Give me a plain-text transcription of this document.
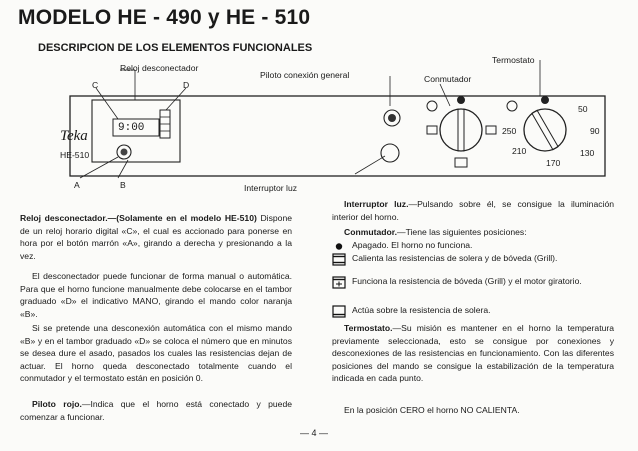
MODELO HE - 490 y HE - 510
DESCRIPCION DE LOS ELEMENTOS FUNCIONALES
Reloj desconectador
Piloto conexión general
Termostato
Conmutador
Interruptor luz
C	D
A	B
Teka
HE-510
9:00
50
90
130
170
210
250
Reloj desconectador.—(Solamente en el modelo HE-510) Dispone de un reloj horario digital «C», el cual es accionado para ponerse en hora por el botón marrón «A», girando a derecha y presionando a la vez.
El desconectador puede funcionar de forma manual o automática. Para que el horno funcione manualmente debe colocarse en el tambor graduado «D» el indicativo MANO, girando el mando color naranja «B».
Si se pretende una desconexión automática con el mismo mando «B» y en el tambor graduado «D» se coloca el número que en minutos se desea dure el asado, pasados los cuales las resistencias dejan de actuar. El horno queda desconectado totalmente cuando el conmutador y el termostato están en posición 0.
Piloto rojo.—Indica que el horno está conectado y puede comenzar a funcionar.
Interruptor luz.—Pulsando sobre él, se consigue la iluminación interior del horno.
Conmutador.—Tiene las siguientes posiciones:
Apagado. El horno no funciona.
Calienta las resistencias de solera y de bóveda (Grill).
Funciona la resistencia de bóveda (Grill) y el motor giratorio.
Actúa sobre la resistencia de solera.
Termostato.—Su misión es mantener en el horno la temperatura previamente seleccionada, esto se consigue por conexiones y desconexiones de las resistencias en funcionamiento. Con las diferentes posiciones del mando se consigue la estabilización de la temperatura indicada en cada punto.
En la posición CERO el horno NO CALIENTA.
— 4 —
